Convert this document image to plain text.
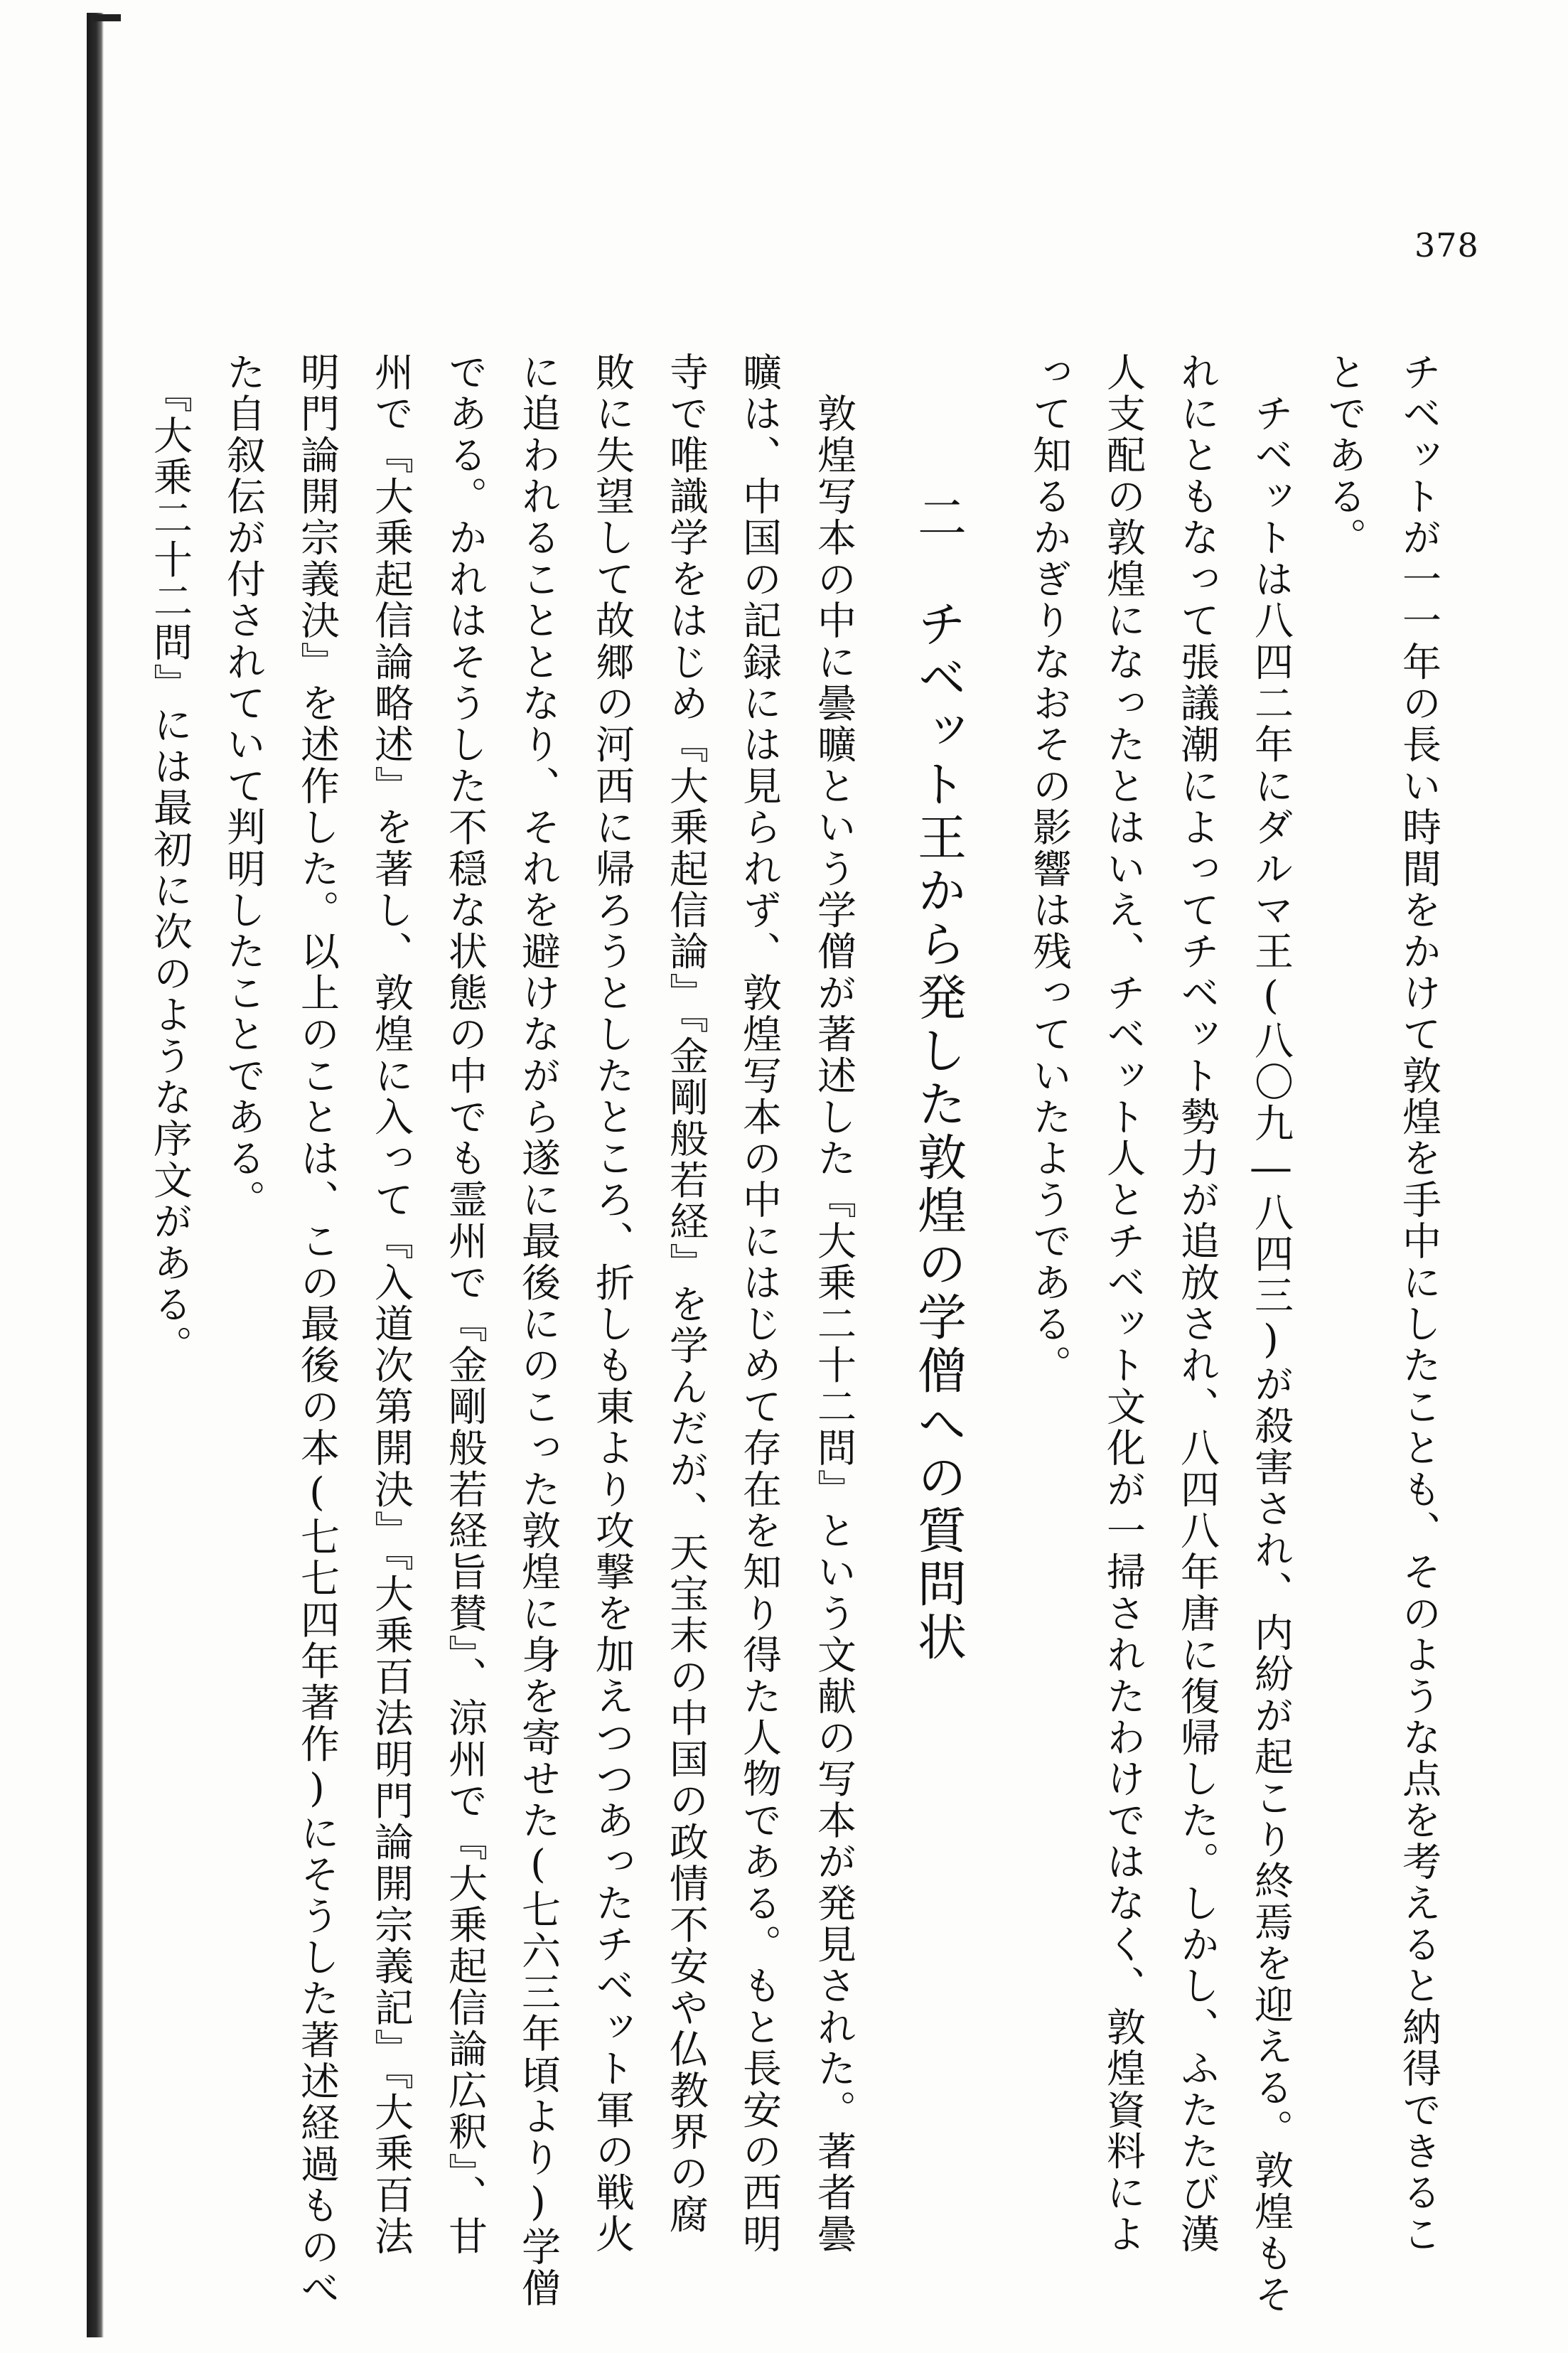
378
チベットが一一年の長い時間をかけて敦煌を手中にしたことも、そのような点を考えると納得できるこ
とである。
　チベットは八四二年にダルマ王(八〇九―八四三)が殺害され、内紛が起こり終焉を迎える。敦煌もそ
れにともなって張議潮によってチベット勢力が追放され、八四八年唐に復帰した。しかし、ふたたび漢
人支配の敦煌になったとはいえ、チベット人とチベット文化が一掃されたわけではなく、敦煌資料によ
って知るかぎりなおその影響は残っていたようである。
二　チベット王から発した敦煌の学僧への質問状
　敦煌写本の中に曇曠という学僧が著述した『大乗二十二問』という文献の写本が発見された。著者曇
曠は、中国の記録には見られず、敦煌写本の中にはじめて存在を知り得た人物である。もと長安の西明
寺で唯識学をはじめ『大乗起信論』『金剛般若経』を学んだが、天宝末の中国の政情不安や仏教界の腐
敗に失望して故郷の河西に帰ろうとしたところ、折しも東より攻撃を加えつつあったチベット軍の戦火
に追われることとなり、それを避けながら遂に最後にのこった敦煌に身を寄せた(七六三年頃より)学僧
である。かれはそうした不穏な状態の中でも霊州で『金剛般若経旨賛』、涼州で『大乗起信論広釈』、甘
州で『大乗起信論略述』を著し、敦煌に入って『入道次第開決』『大乗百法明門論開宗義記』『大乗百法
明門論開宗義決』を述作した。以上のことは、この最後の本(七七四年著作)にそうした著述経過ものべ
た自叙伝が付されていて判明したことである。
　『大乗二十二問』には最初に次のような序文がある。
